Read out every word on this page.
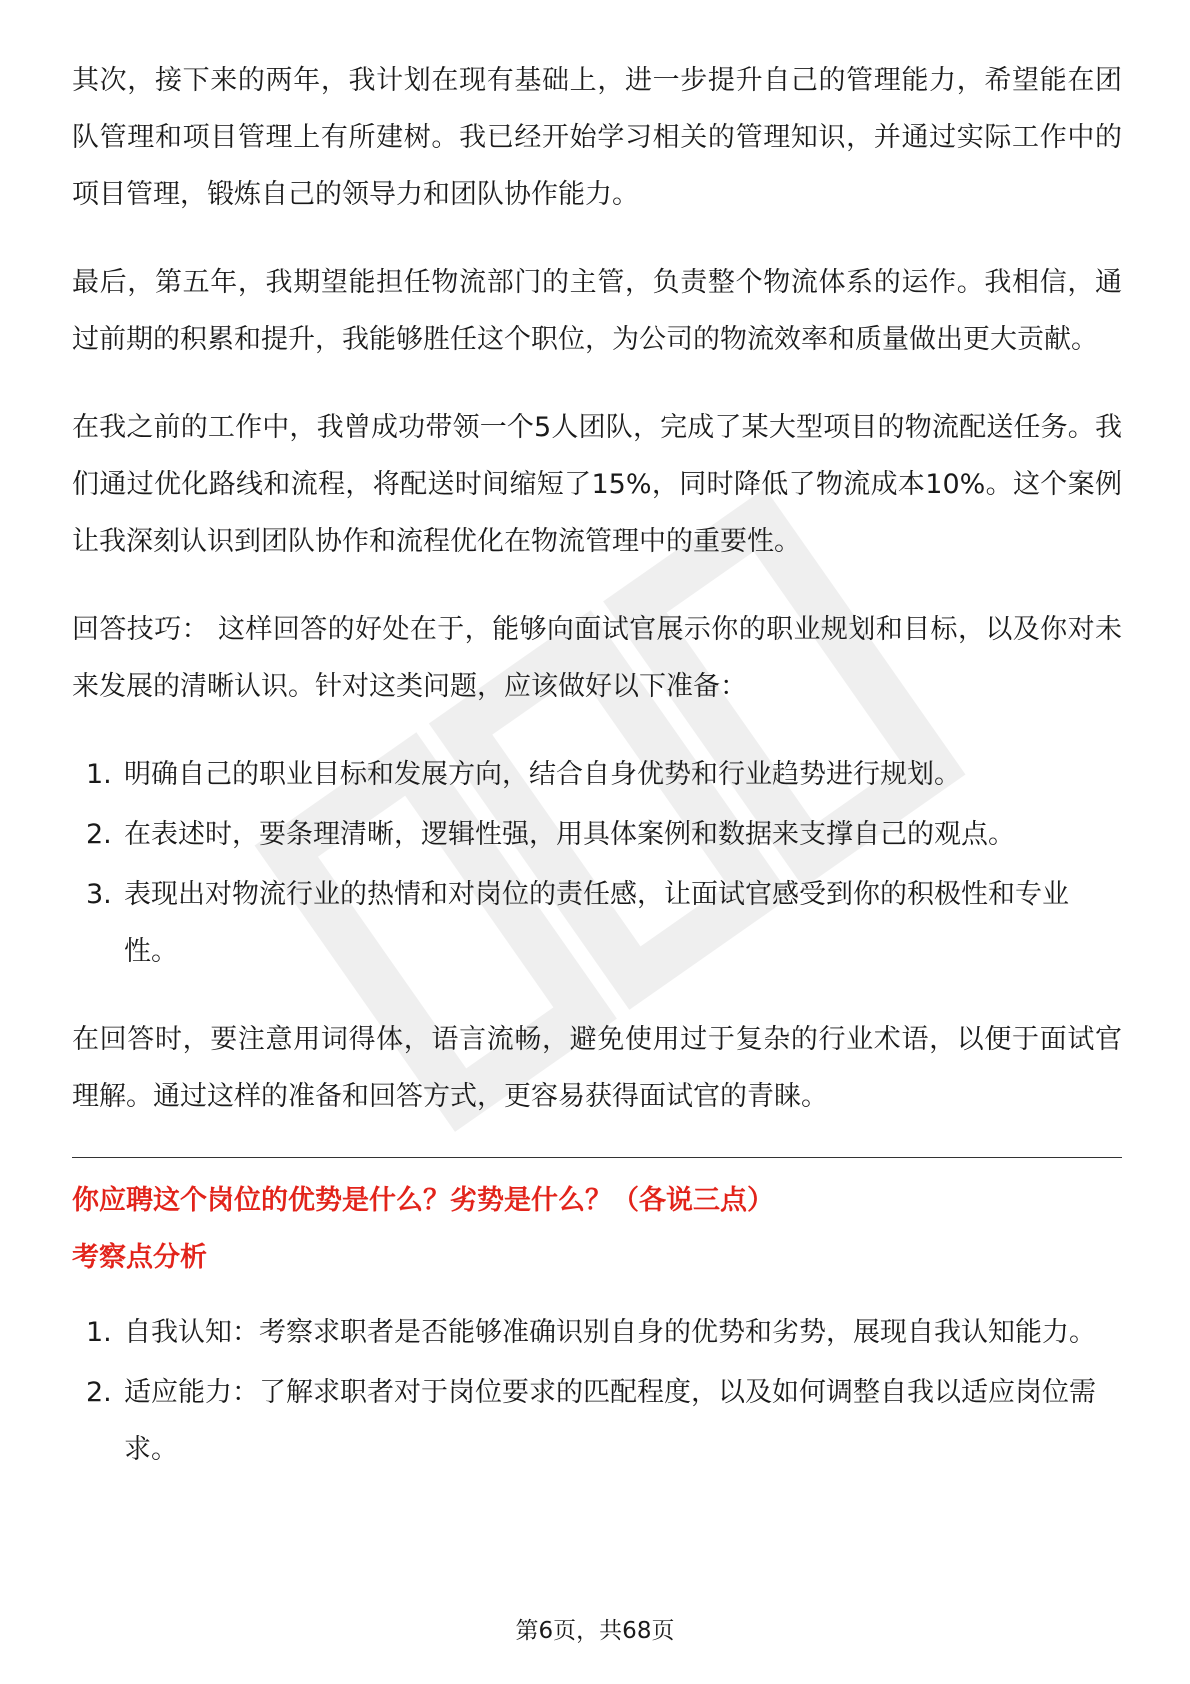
其次，接下来的两年，我计划在现有基础上，进一步提升自己的管理能力，希望能在团队管理和项目管理上有所建树。我已经开始学习相关的管理知识，并通过实际工作中的项目管理，锻炼自己的领导力和团队协作能力。

最后，第五年，我期望能担任物流部门的主管，负责整个物流体系的运作。我相信，通过前期的积累和提升，我能够胜任这个职位，为公司的物流效率和质量做出更大贡献。

在我之前的工作中，我曾成功带领一个5人团队，完成了某大型项目的物流配送任务。我们通过优化路线和流程，将配送时间缩短了15%，同时降低了物流成本10%。这个案例让我深刻认识到团队协作和流程优化在物流管理中的重要性。

回答技巧： 这样回答的好处在于，能够向面试官展示你的职业规划和目标，以及你对未来发展的清晰认识。针对这类问题，应该做好以下准备：

1. 明确自己的职业目标和发展方向，结合自身优势和行业趋势进行规划。
2. 在表述时，要条理清晰，逻辑性强，用具体案例和数据来支撑自己的观点。
3. 表现出对物流行业的热情和对岗位的责任感，让面试官感受到你的积极性和专业性。

在回答时，要注意用词得体，语言流畅，避免使用过于复杂的行业术语，以便于面试官理解。通过这样的准备和回答方式，更容易获得面试官的青睐。

你应聘这个岗位的优势是什么？劣势是什么？（各说三点）
考察点分析
1. 自我认知：考察求职者是否能够准确识别自身的优势和劣势，展现自我认知能力。
2. 适应能力：了解求职者对于岗位要求的匹配程度，以及如何调整自我以适应岗位需求。
第6页，共68页
